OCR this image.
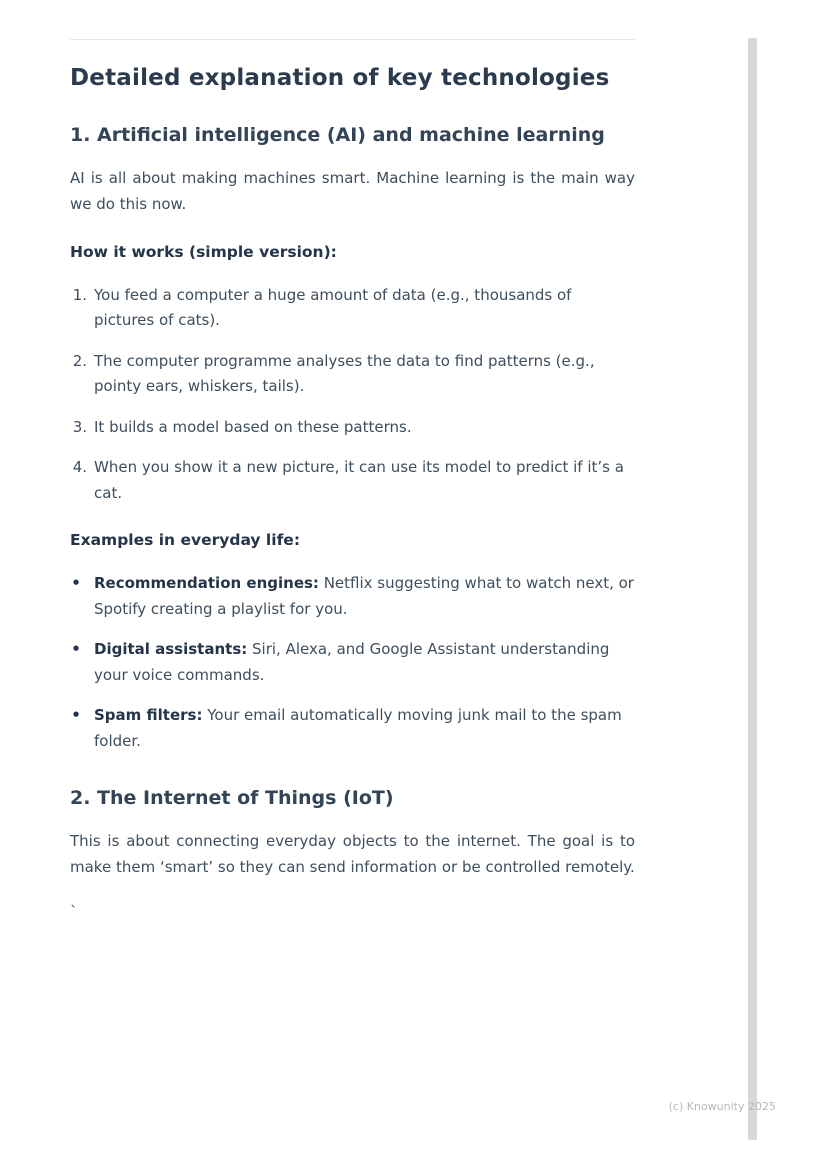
Detailed explanation of key technologies
1. Artificial intelligence (AI) and machine learning

AI is all about making machines smart. Machine learning is the main way we do this now.

How it works (simple version):

1. You feed a computer a huge amount of data (e.g., thousands of pictures of cats).
2. The computer programme analyses the data to find patterns (e.g., pointy ears, whiskers, tails).
3. It builds a model based on these patterns.
4. When you show it a new picture, it can use its model to predict if it’s a cat.

Examples in everyday life:

•
Recommendation engines: Netflix suggesting what to watch next, or Spotify creating a playlist for you.
•
Digital assistants: Siri, Alexa, and Google Assistant understanding your voice commands.
•
Spam filters: Your email automatically moving junk mail to the spam folder.
2. The Internet of Things (IoT)

This is about connecting everyday objects to the internet. The goal is to make them ‘smart’ so they can send information or be controlled remotely.

`

(c) Knowunity 2025
